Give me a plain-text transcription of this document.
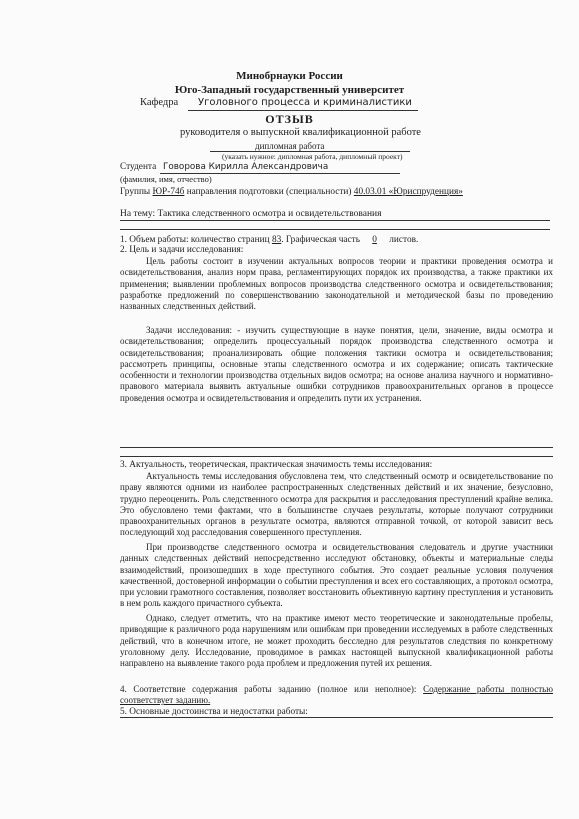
Минобрнауки России
Юго-Западный государственный университет
Кафедра Уголовного процесса и криминалистики
ОТЗЫВ
руководителя о выпускной квалификационной работе
дипломная работа
(указать нужное: дипломная работа, дипломный проект)
Студента Говорова Кирилла Александровича
(фамилия, имя, отчество)
Группы ЮР-74б направления подготовки (специальности) 40.03.01 «Юриспруденция»
На тему: Тактика следственного осмотра и освидетельствования
1. Объем работы: количество страниц 83. Графическая часть 0 листов.
2. Цель и задачи исследования:
Цель работы состоит в изучении актуальных вопросов теории и практики проведения осмотра и освидетельствования, анализ норм права, регламентирующих порядок их производства, а также практики их применения; выявлении проблемных вопросов производства следственного осмотра и освидетельствования; разработке предложений по совершенствованию законодательной и методической базы по проведению названных следственных действий.
Задачи исследования: - изучить существующие в науке понятия, цели, значение, виды осмотра и освидетельствования; определить процессуальный порядок производства следственного осмотра и освидетельствования; проанализировать общие положения тактики осмотра и освидетельствования; рассмотреть принципы, основные этапы следственного осмотра и их содержание; описать тактические особенности и технологии производства отдельных видов осмотра; на основе анализа научного и нормативно-правового материала выявить актуальные ошибки сотрудников правоохранительных органов в процессе проведения осмотра и освидетельствования и определить пути их устранения.
3. Актуальность, теоретическая, практическая значимость темы исследования:
Актуальность темы исследования обусловлена тем, что следственный осмотр и освидетельствование по праву являются одними из наиболее распространенных следственных действий и их значение, безусловно, трудно переоценить. Роль следственного осмотра для раскрытия и расследования преступлений крайне велика. Это обусловлено теми фактами, что в большинстве случаев результаты, которые получают сотрудники правоохранительных органов в результате осмотра, являются отправной точкой, от которой зависит весь последующий ход расследования совершенного преступления.
При производстве следственного осмотра и освидетельствования следователь и другие участники данных следственных действий непосредственно исследуют обстановку, объекты и материальные следы взаимодействий, произошедших в ходе преступного события. Это создает реальные условия получения качественной, достоверной информации о событии преступления и всех его составляющих, а протокол осмотра, при условии грамотного составления, позволяет восстановить объективную картину преступления и установить в нем роль каждого причастного субъекта.
Однако, следует отметить, что на практике имеют место теоретические и законодательные пробелы, приводящие к различного рода нарушениям или ошибкам при проведении исследуемых в работе следственных действий, что в конечном итоге, не может проходить бесследно для результатов следствия по конкретному уголовному делу. Исследование, проводимое в рамках настоящей выпускной квалификационной работы направлено на выявление такого рода проблем и предложения путей их решения.
4. Соответствие содержания работы заданию (полное или неполное): Содержание работы полностью соответствует заданию.
5. Основные достоинства и недостатки работы:
